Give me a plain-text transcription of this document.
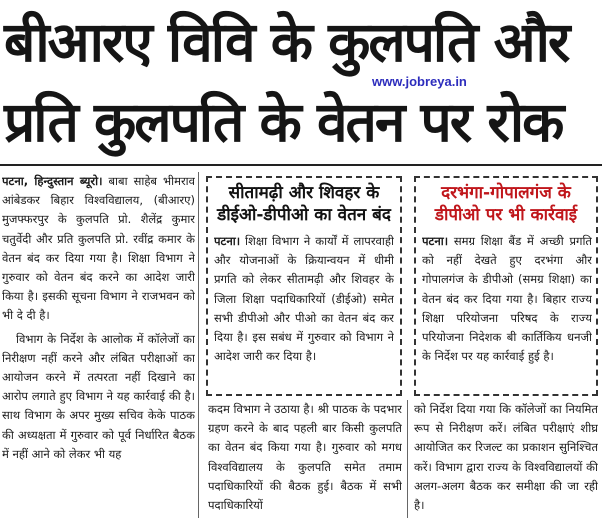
बीआरए विवि के कुलपति और
प्रति कुलपति के वेतन पर रोक
www.jobreya.in

पटना, हिन्दुस्तान ब्यूरो। बाबा साहेब भीमराव आंबेडकर बिहार विश्वविद्यालय, (बीआरए) मुजफ्फरपुर के कुलपति प्रो. शैलेंद्र कुमार चतुर्वेदी और प्रति कुलपति प्रो. रवींद्र कमार के वेतन बंद कर दिया गया है। शिक्षा विभाग ने गुरुवार को वेतन बंद करने का आदेश जारी किया है। इसकी सूचना विभाग ने राजभवन को भी दे दी है।

विभाग के निर्देश के आलोक में कॉलेजों का निरीक्षण नहीं करने और लंबित परीक्षाओं का आयोजन करने में तत्परता नहीं दिखाने का आरोप लगाते हुए विभाग ने यह कार्रवाई की है। साथ विभाग के अपर मुख्य सचिव केके पाठक की अध्यक्षता में गुरुवार को पूर्व निर्धारित बैठक में नहीं आने को लेकर भी यह

सीतामढ़ी और शिवहर के
डीईओ-डीपीओ का वेतन बंद

पटना। शिक्षा विभाग ने कार्यों में लापरवाही और योजनाओं के क्रियान्वयन में धीमी प्रगति को लेकर सीतामढ़ी और शिवहर के जिला शिक्षा पदाधिकारियों (डीईओ) समेत सभी डीपीओ और पीओ का वेतन बंद कर दिया है। इस सबंध में गुरुवार को विभाग ने आदेश जारी कर दिया है।

दरभंगा-गोपालगंज के
डीपीओ पर भी कार्रवाई

पटना। समग्र शिक्षा बैंड में अच्छी प्रगति को नहीं देखते हुए दरभंगा और गोपालगंज के डीपीओ (समग्र शिक्षा) का वेतन बंद कर दिया गया है। बिहार राज्य शिक्षा परियोजना परिषद के राज्य परियोजना निदेशक बी कार्तिकिय धनजी के निर्देश पर यह कार्रवाई हुई है।

कदम विभाग ने उठाया है। श्री पाठक के पदभार ग्रहण करने के बाद पहली बार किसी कुलपति का वेतन बंद किया गया है। गुरुवार को मगध विश्वविद्यालय के कुलपति समेत तमाम पदाधिकारियों की बैठक हुई। बैठक में सभी पदाधिकारियों

को निर्देश दिया गया कि कॉलेजों का नियमित रूप से निरीक्षण करें। लंबित परीक्षाएं शीघ्र आयोजित कर रिजल्ट का प्रकाशन सुनिश्चित करें। विभाग द्वारा राज्य के विश्वविद्यालयों की अलग-अलग बैठक कर समीक्षा की जा रही है।
